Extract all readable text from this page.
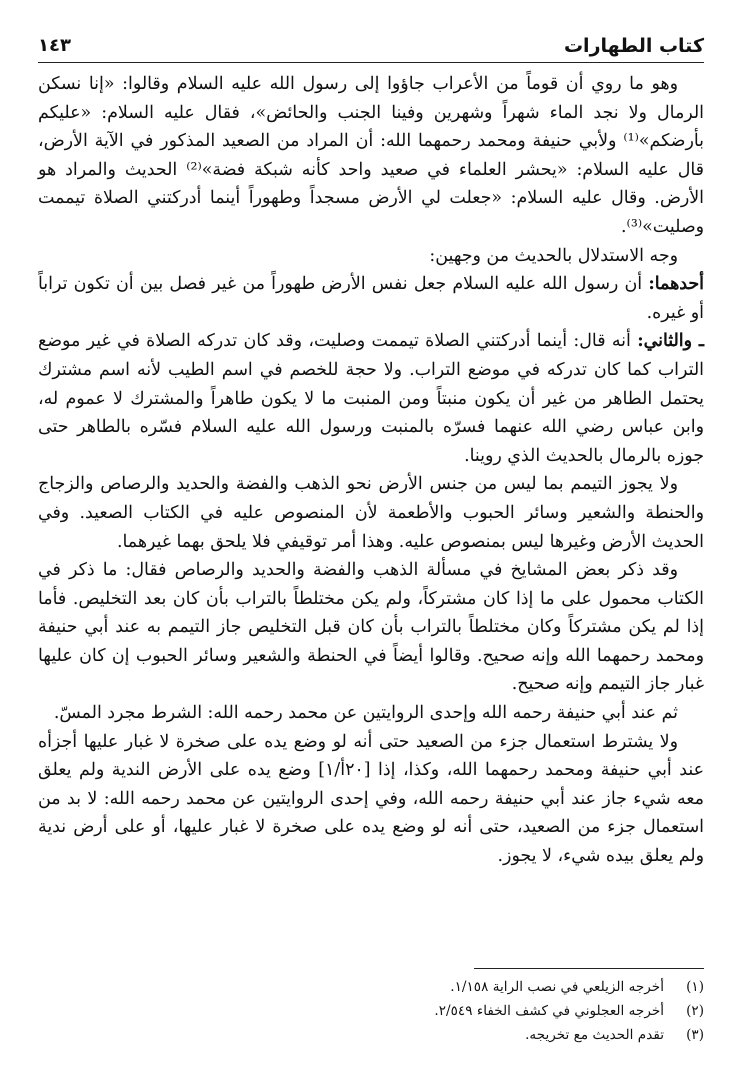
كتاب الطهارات
١٤٣

وهو ما روي أن قوماً من الأعراب جاؤوا إلى رسول الله عليه السلام وقالوا: «إنا نسكن الرمال ولا نجد الماء شهراً وشهرين وفينا الجنب والحائض»، فقال عليه السلام: «عليكم بأرضكم»⁽¹⁾ ولأبي حنيفة ومحمد رحمهما الله: أن المراد من الصعيد المذكور في الآية الأرض، قال عليه السلام: «يحشر العلماء في صعيد واحد كأنه شبكة فضة»⁽²⁾ الحديث والمراد هو الأرض. وقال عليه السلام: «جعلت لي الأرض مسجداً وطهوراً أينما أدركتني الصلاة تيممت وصليت»⁽³⁾.

وجه الاستدلال بالحديث من وجهين:

أحدهما: أن رسول الله عليه السلام جعل نفس الأرض طهوراً من غير فصل بين أن تكون تراباً أو غيره.

ـ والثاني: أنه قال: أينما أدركتني الصلاة تيممت وصليت، وقد كان تدركه الصلاة في غير موضع التراب كما كان تدركه في موضع التراب. ولا حجة للخصم في اسم الطيب لأنه اسم مشترك يحتمل الطاهر من غير أن يكون منبتاً ومن المنبت ما لا يكون طاهراً والمشترك لا عموم له، وابن عباس رضي الله عنهما فسرّه بالمنبت ورسول الله عليه السلام فسّره بالطاهر حتى جوزه بالرمال بالحديث الذي روينا.

ولا يجوز التيمم بما ليس من جنس الأرض نحو الذهب والفضة والحديد والرصاص والزجاج والحنطة والشعير وسائر الحبوب والأطعمة لأن المنصوص عليه في الكتاب الصعيد. وفي الحديث الأرض وغيرها ليس بمنصوص عليه. وهذا أمر توقيفي فلا يلحق بهما غيرهما.

وقد ذكر بعض المشايخ في مسألة الذهب والفضة والحديد والرصاص فقال: ما ذكر في الكتاب محمول على ما إذا كان مشتركاً، ولم يكن مختلطاً بالتراب بأن كان بعد التخليص. فأما إذا لم يكن مشتركاً وكان مختلطاً بالتراب بأن كان قبل التخليص جاز التيمم به عند أبي حنيفة ومحمد رحمهما الله وإنه صحيح. وقالوا أيضاً في الحنطة والشعير وسائر الحبوب إن كان عليها غبار جاز التيمم وإنه صحيح.

ثم عند أبي حنيفة رحمه الله وإحدى الروايتين عن محمد رحمه الله: الشرط مجرد المسّ.

ولا يشترط استعمال جزء من الصعيد حتى أنه لو وضع يده على صخرة لا غبار عليها أجزأه عند أبي حنيفة ومحمد رحمهما الله، وكذا، إذا [٢٠أ/١] وضع يده على الأرض الندية ولم يعلق معه شيء جاز عند أبي حنيفة رحمه الله، وفي إحدى الروايتين عن محمد رحمه الله: لا بد من استعمال جزء من الصعيد، حتى أنه لو وضع يده على صخرة لا غبار عليها، أو على أرض ندية ولم يعلق بيده شيء، لا يجوز.

(١)
أخرجه الزيلعي في نصب الراية ١/١٥٨.
(٢)
أخرجه العجلوني في كشف الخفاء ٢/٥٤٩.
(٣)
تقدم الحديث مع تخريجه.
